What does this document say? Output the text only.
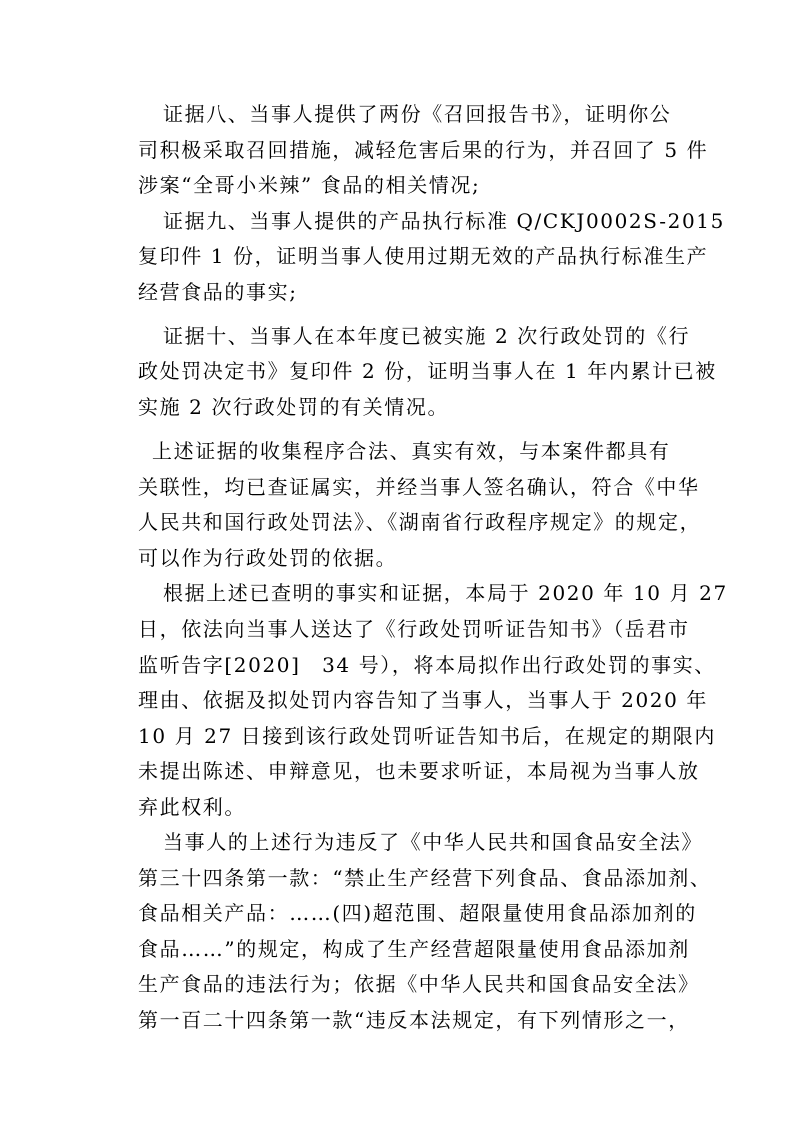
证据八、当事人提供了两份《召回报告书》，证明你公
司积极采取召回措施，减轻危害后果的行为，并召回了 5 件
涉案“全哥小米辣” 食品的相关情况;
证据九、当事人提供的产品执行标准 Q/CKJ0002S-2015
复印件 1 份，证明当事人使用过期无效的产品执行标准生产
经营食品的事实;
证据十、当事人在本年度已被实施 2 次行政处罚的《行
政处罚决定书》复印件 2 份，证明当事人在 1 年内累计已被
实施 2 次行政处罚的有关情况。
上述证据的收集程序合法、真实有效，与本案件都具有
关联性，均已查证属实，并经当事人签名确认，符合《中华
人民共和国行政处罚法》、《湖南省行政程序规定》的规定，
可以作为行政处罚的依据。
根据上述已查明的事实和证据，本局于 2020 年 10 月 27
日，依法向当事人送达了《行政处罚听证告知书》（岳君市
监听告字[2020]　34 号），将本局拟作出行政处罚的事实、
理由、依据及拟处罚内容告知了当事人，当事人于 2020 年
10 月 27 日接到该行政处罚听证告知书后，在规定的期限内
未提出陈述、申辩意见，也未要求听证，本局视为当事人放
弃此权利。
当事人的上述行为违反了《中华人民共和国食品安全法》
第三十四条第一款：“禁止生产经营下列食品、食品添加剂、
食品相关产品：……(四)超范围、超限量使用食品添加剂的
食品……”的规定，构成了生产经营超限量使用食品添加剂
生产食品的违法行为；依据《中华人民共和国食品安全法》
第一百二十四条第一款“违反本法规定，有下列情形之一，
